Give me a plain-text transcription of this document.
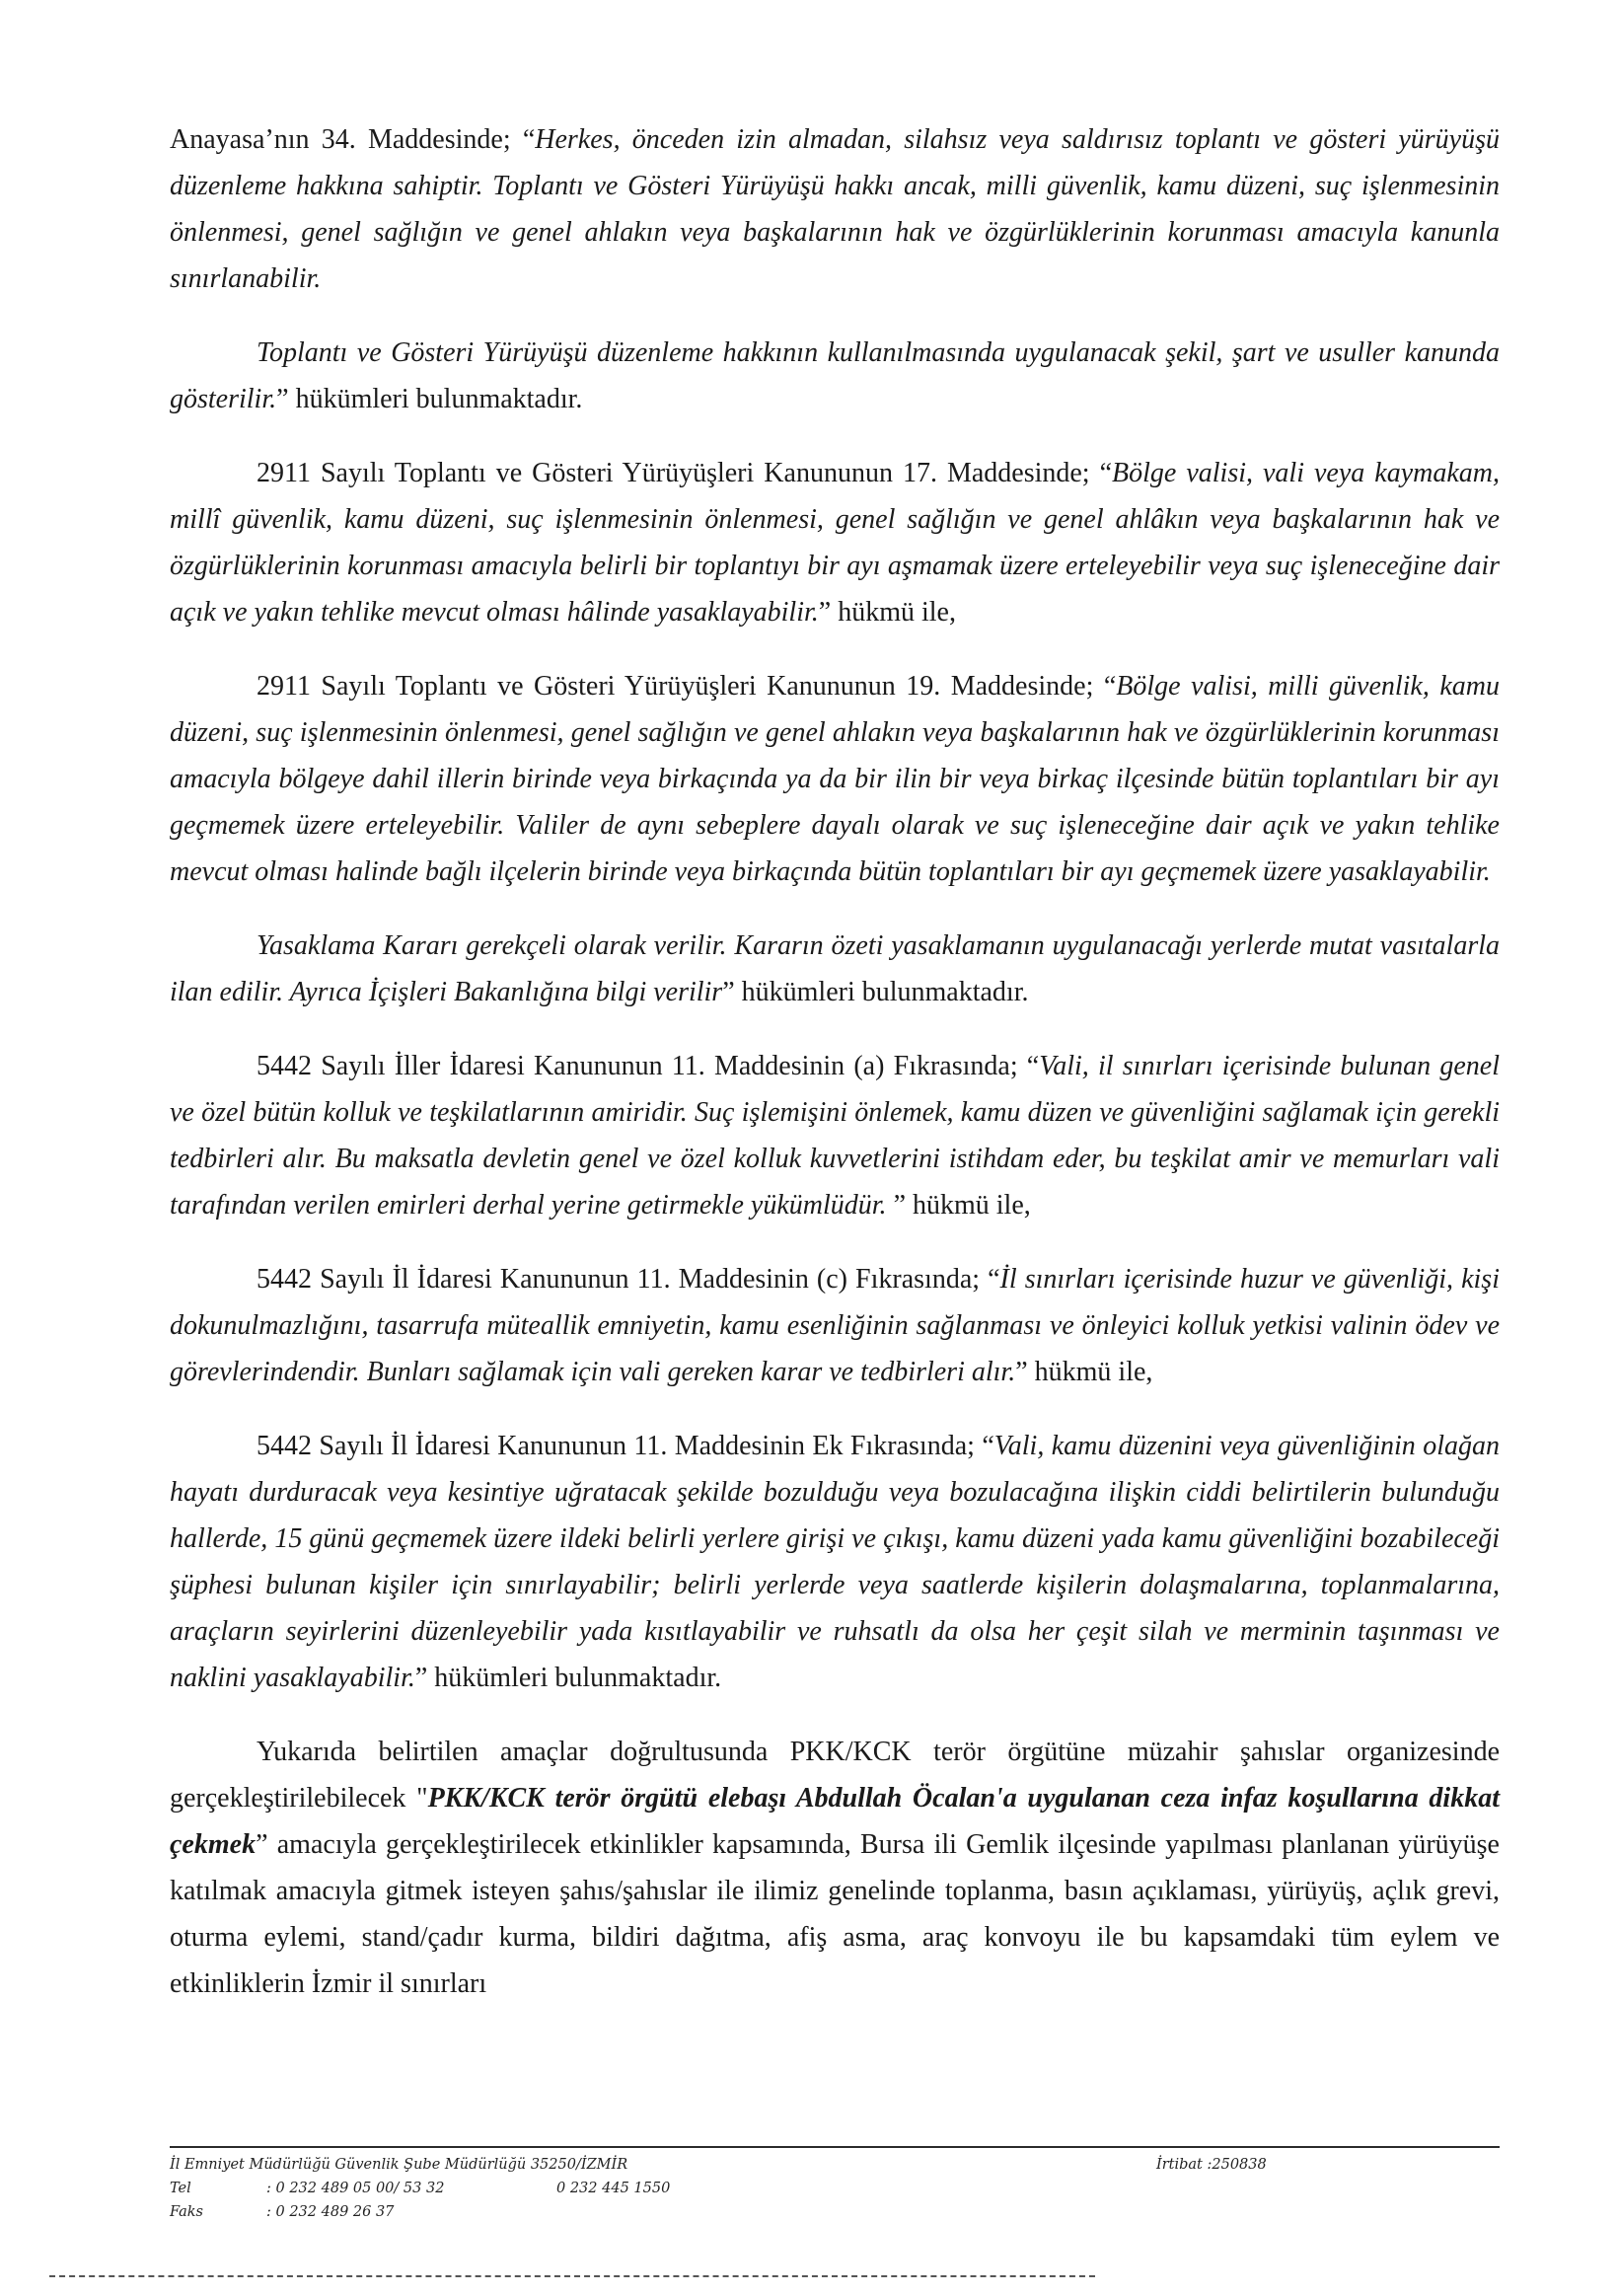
Anayasa’nın 34. Maddesinde; “Herkes, önceden izin almadan, silahsız veya saldırısız toplantı ve gösteri yürüyüşü düzenleme hakkına sahiptir. Toplantı ve Gösteri Yürüyüşü hakkı ancak, milli güvenlik, kamu düzeni, suç işlenmesinin önlenmesi, genel sağlığın ve genel ahlakın veya başkalarının hak ve özgürlüklerinin korunması amacıyla kanunla sınırlanabilir.

Toplantı ve Gösteri Yürüyüşü düzenleme hakkının kullanılmasında uygulanacak şekil, şart ve usuller kanunda gösterilir.” hükümleri bulunmaktadır.

2911 Sayılı Toplantı ve Gösteri Yürüyüşleri Kanununun 17. Maddesinde; “Bölge valisi, vali veya kaymakam, millî güvenlik, kamu düzeni, suç işlenmesinin önlenmesi, genel sağlığın ve genel ahlâkın veya başkalarının hak ve özgürlüklerinin korunması amacıyla belirli bir toplantıyı bir ayı aşmamak üzere erteleyebilir veya suç işleneceğine dair açık ve yakın tehlike mevcut olması hâlinde yasaklayabilir.” hükmü ile,

2911 Sayılı Toplantı ve Gösteri Yürüyüşleri Kanununun 19. Maddesinde; “Bölge valisi, milli güvenlik, kamu düzeni, suç işlenmesinin önlenmesi, genel sağlığın ve genel ahlakın veya başkalarının hak ve özgürlüklerinin korunması amacıyla bölgeye dahil illerin birinde veya birkaçında ya da bir ilin bir veya birkaç ilçesinde bütün toplantıları bir ayı geçmemek üzere erteleyebilir. Valiler de aynı sebeplere dayalı olarak ve suç işleneceğine dair açık ve yakın tehlike mevcut olması halinde bağlı ilçelerin birinde veya birkaçında bütün toplantıları bir ayı geçmemek üzere yasaklayabilir.

Yasaklama Kararı gerekçeli olarak verilir. Kararın özeti yasaklamanın uygulanacağı yerlerde mutat vasıtalarla ilan edilir. Ayrıca İçişleri Bakanlığına bilgi verilir” hükümleri bulunmaktadır.

5442 Sayılı İller İdaresi Kanununun 11. Maddesinin (a) Fıkrasında; “Vali, il sınırları içerisinde bulunan genel ve özel bütün kolluk ve teşkilatlarının amiridir. Suç işlemişini önlemek, kamu düzen ve güvenliğini sağlamak için gerekli tedbirleri alır. Bu maksatla devletin genel ve özel kolluk kuvvetlerini istihdam eder, bu teşkilat amir ve memurları vali tarafından verilen emirleri derhal yerine getirmekle yükümlüdür. ” hükmü ile,

5442 Sayılı İl İdaresi Kanununun 11. Maddesinin (c) Fıkrasında; “İl sınırları içerisinde huzur ve güvenliği, kişi dokunulmazlığını, tasarrufa müteallik emniyetin, kamu esenliğinin sağlanması ve önleyici kolluk yetkisi valinin ödev ve görevlerindendir. Bunları sağlamak için vali gereken karar ve tedbirleri alır.” hükmü ile,

5442 Sayılı İl İdaresi Kanununun 11. Maddesinin Ek Fıkrasında; “Vali, kamu düzenini veya güvenliğinin olağan hayatı durduracak veya kesintiye uğratacak şekilde bozulduğu veya bozulacağına ilişkin ciddi belirtilerin bulunduğu hallerde, 15 günü geçmemek üzere ildeki belirli yerlere girişi ve çıkışı, kamu düzeni yada kamu güvenliğini bozabileceği şüphesi bulunan kişiler için sınırlayabilir; belirli yerlerde veya saatlerde kişilerin dolaşmalarına, toplanmalarına, araçların seyirlerini düzenleyebilir yada kısıtlayabilir ve ruhsatlı da olsa her çeşit silah ve merminin taşınması ve naklini yasaklayabilir.” hükümleri bulunmaktadır.

Yukarıda belirtilen amaçlar doğrultusunda PKK/KCK terör örgütüne müzahir şahıslar organizesinde gerçekleştirilebilecek "PKK/KCK terör örgütü elebaşı Abdullah Öcalan'a uygulanan ceza infaz koşullarına dikkat çekmek” amacıyla gerçekleştirilecek etkinlikler kapsamında, Bursa ili Gemlik ilçesinde yapılması planlanan yürüyüşe katılmak amacıyla gitmek isteyen şahıs/şahıslar ile ilimiz genelinde toplanma, basın açıklaması, yürüyüş, açlık grevi, oturma eylemi, stand/çadır kurma, bildiri dağıtma, afiş asma, araç konvoyu ile bu kapsamdaki tüm eylem ve etkinliklerin İzmir il sınırları

İl Emniyet Müdürlüğü Güvenlik Şube Müdürlüğü 35250/İZMİR	İrtibat :250838
Tel	: 0 232 489 05 00/ 53 32	0 232 445 1550
Faks	: 0 232 489 26 37
